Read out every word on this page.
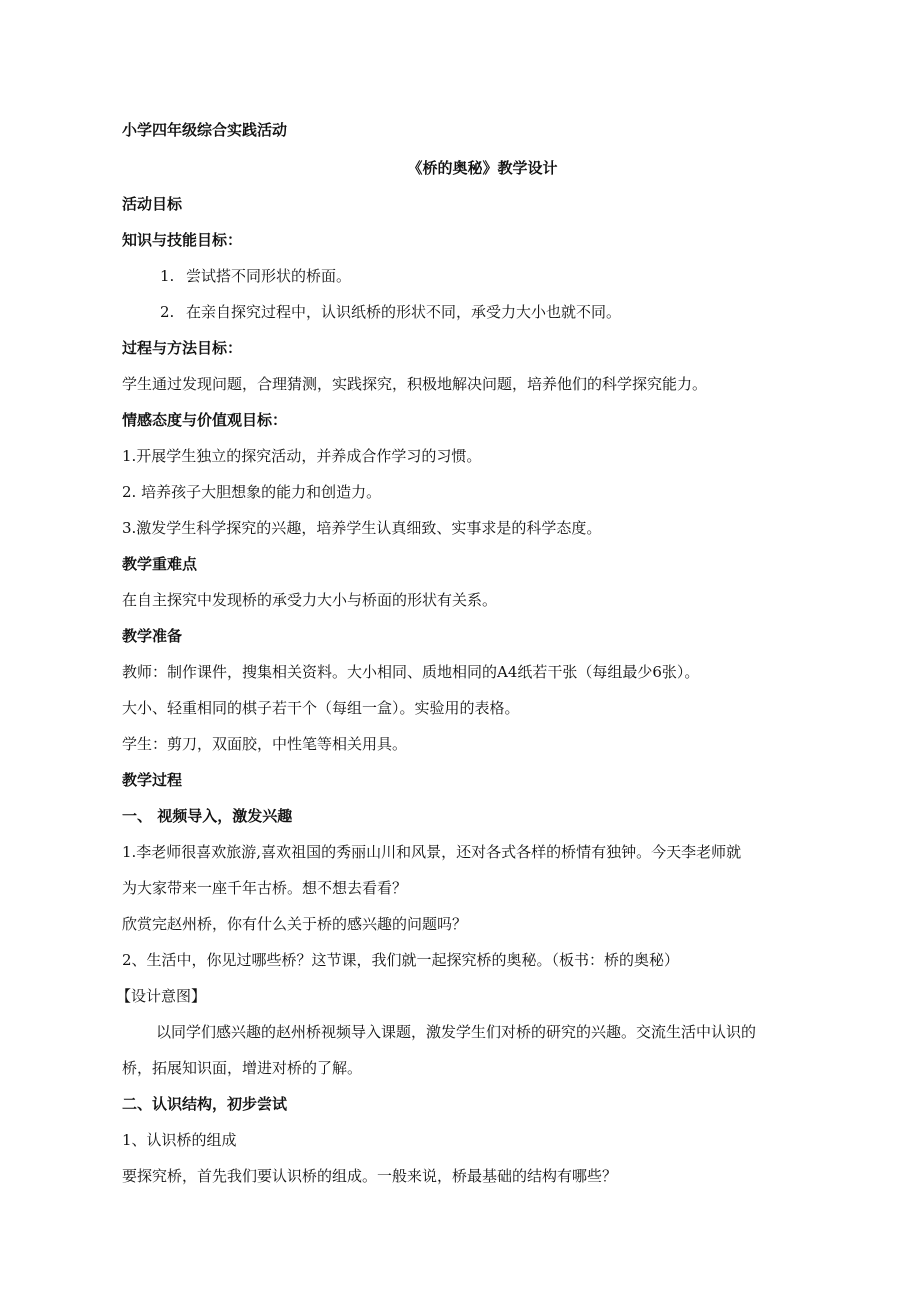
小学四年级综合实践活动
《桥的奥秘》教学设计
活动目标
知识与技能目标：
1. 尝试搭不同形状的桥面。
2. 在亲自探究过程中，认识纸桥的形状不同，承受力大小也就不同。
过程与方法目标：
学生通过发现问题，合理猜测，实践探究，积极地解决问题，培养他们的科学探究能力。
情感态度与价值观目标：
1.开展学生独立的探究活动，并养成合作学习的习惯。
2. 培养孩子大胆想象的能力和创造力。
3.激发学生科学探究的兴趣，培养学生认真细致、实事求是的科学态度。
教学重难点
在自主探究中发现桥的承受力大小与桥面的形状有关系。
教学准备
教师：制作课件，搜集相关资料。大小相同、质地相同的A4纸若干张（每组最少6张）。
大小、轻重相同的棋子若干个（每组一盒）。实验用的表格。
学生：剪刀，双面胶，中性笔等相关用具。
教学过程
一、 视频导入，激发兴趣
1.李老师很喜欢旅游,喜欢祖国的秀丽山川和风景，还对各式各样的桥情有独钟。今天李老师就
为大家带来一座千年古桥。想不想去看看？
欣赏完赵州桥，你有什么关于桥的感兴趣的问题吗？
2、生活中，你见过哪些桥？这节课，我们就一起探究桥的奥秘。（板书：桥的奥秘）
【设计意图】
以同学们感兴趣的赵州桥视频导入课题，激发学生们对桥的研究的兴趣。交流生活中认识的
桥，拓展知识面，增进对桥的了解。
二、认识结构，初步尝试
1、认识桥的组成
要探究桥，首先我们要认识桥的组成。一般来说，桥最基础的结构有哪些？
